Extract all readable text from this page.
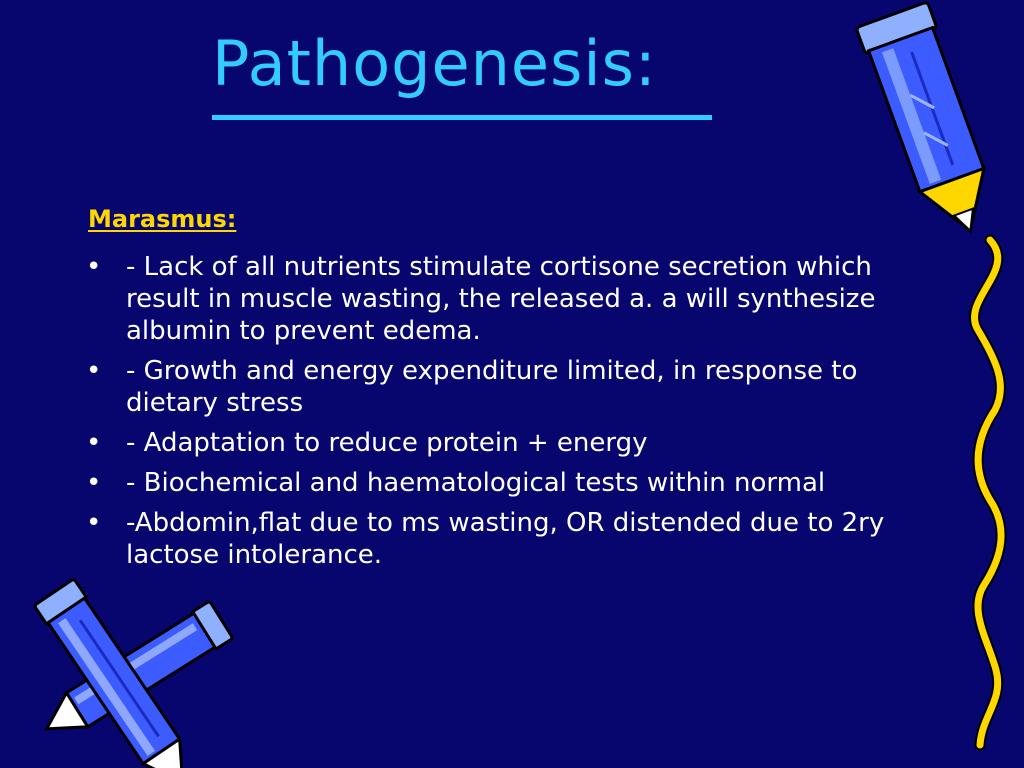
Pathogenesis:
Marasmus:
• - Lack of all nutrients stimulate cortisone secretion which result in muscle wasting, the released a. a will synthesize albumin to prevent edema.
• - Growth and energy expenditure limited, in response to dietary stress
• - Adaptation to reduce protein + energy
• - Biochemical and haematological tests within normal
• -Abdomin,flat due to ms wasting, OR distended due to 2ry lactose intolerance.
